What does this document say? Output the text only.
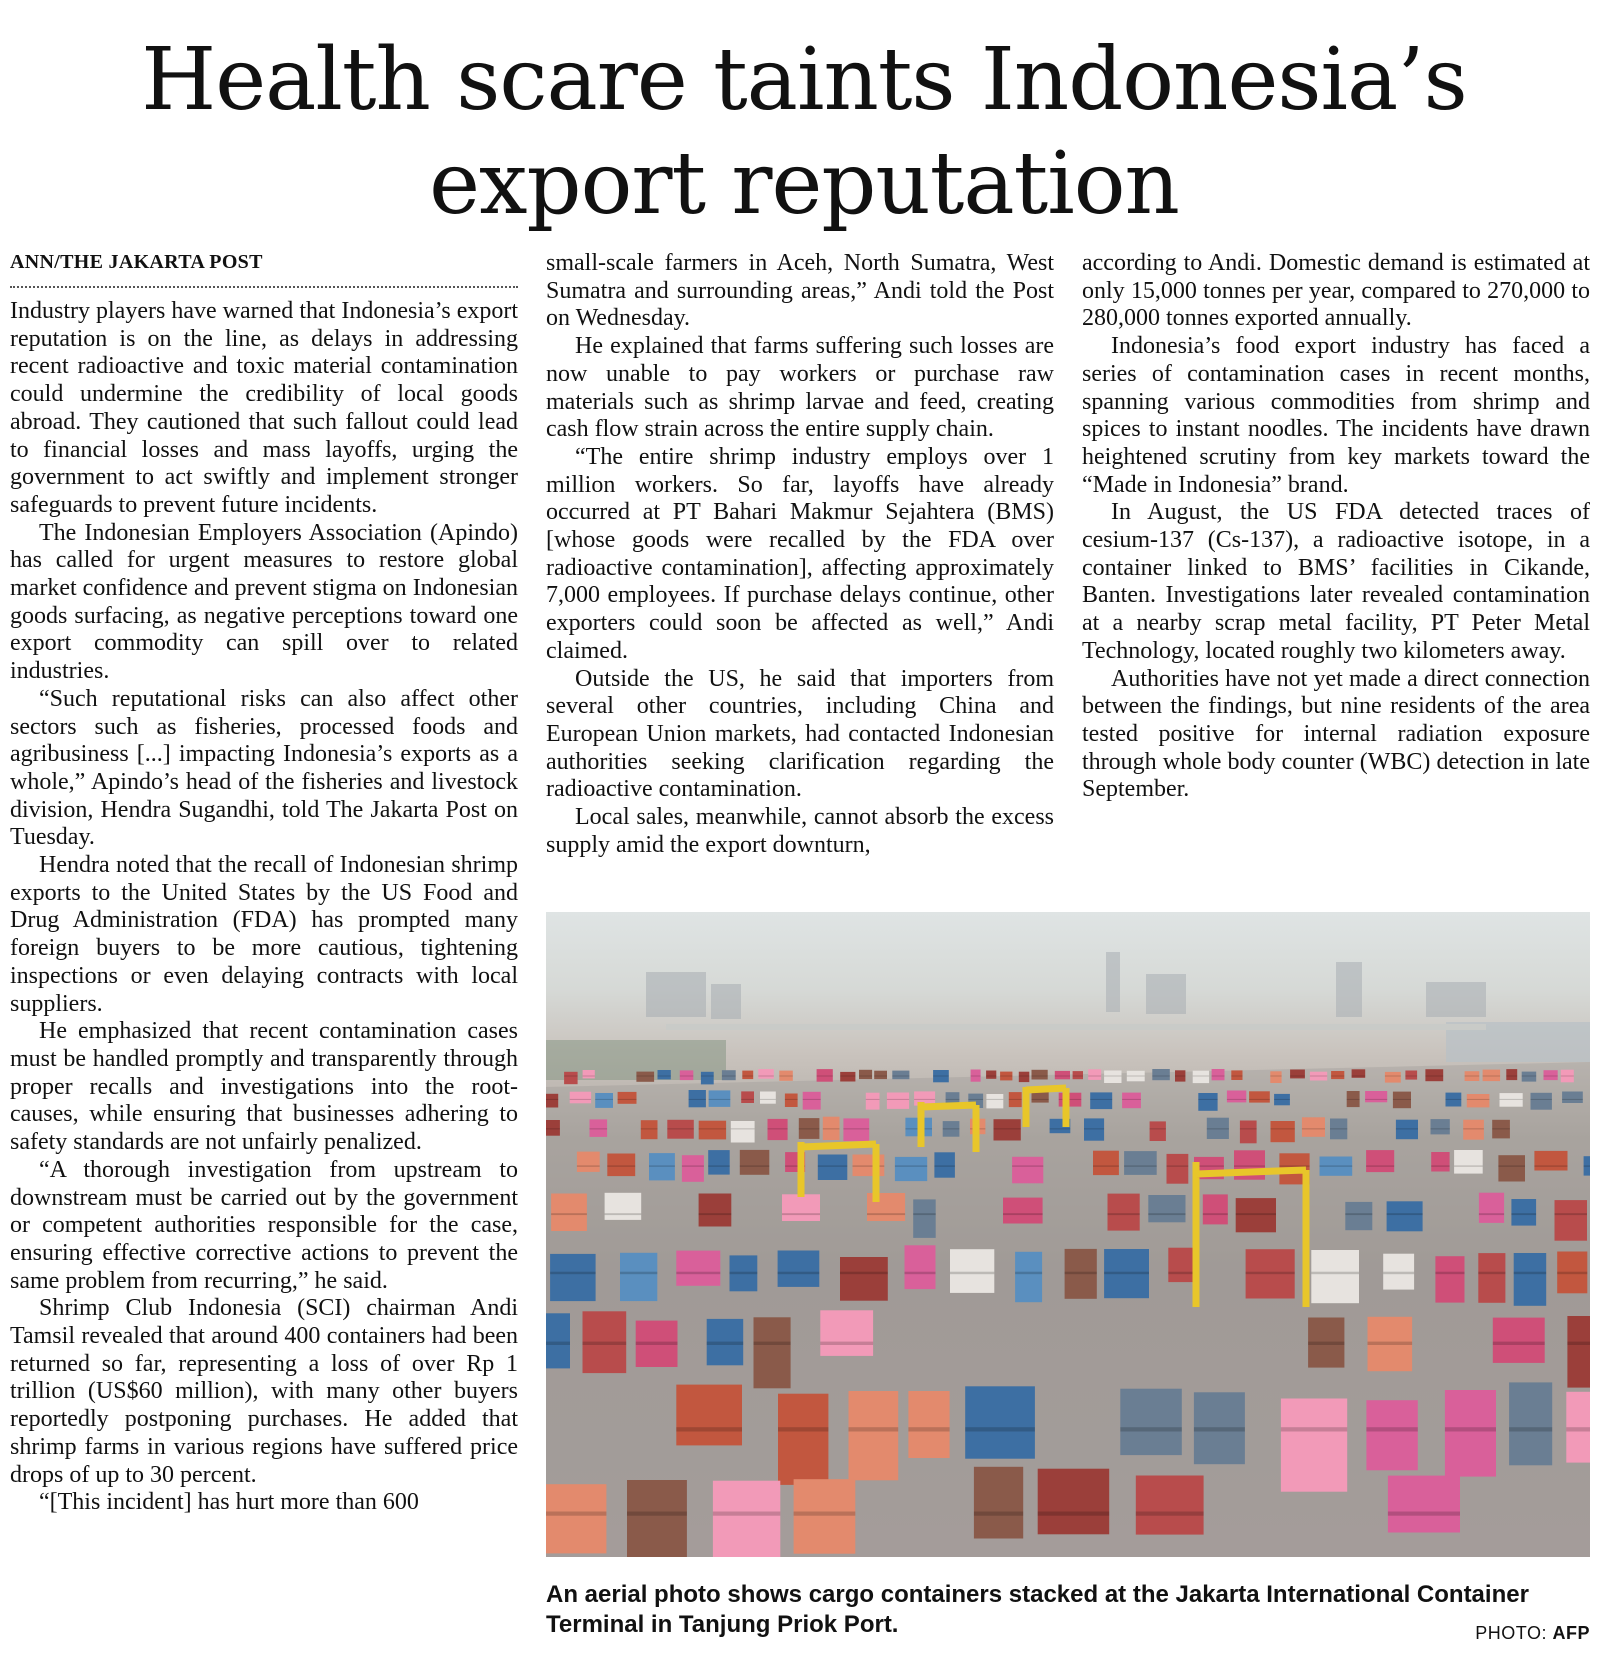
Health scare taints Indonesia’s
export reputation
ANN/THE JAKARTA POST

Industry players have warned that Indonesia’s export reputation is on the line, as delays in addressing recent radioactive and toxic material contamination could undermine the credibility of local goods abroad. They cautioned that such fallout could lead to financial losses and mass layoffs, urging the government to act swiftly and implement stronger safeguards to prevent future incidents.

The Indonesian Employers Association (Apindo) has called for urgent measures to restore global market confidence and prevent stigma on Indonesian goods surfacing, as negative perceptions toward one export commodity can spill over to related industries.

“Such reputational risks can also affect other sectors such as fisheries, processed foods and agribusiness [...] impacting Indonesia’s exports as a whole,” Apindo’s head of the fisheries and livestock division, Hendra Sugandhi, told The Jakarta Post on Tuesday.

Hendra noted that the recall of Indonesian shrimp exports to the United States by the US Food and Drug Administration (FDA) has prompted many foreign buyers to be more cautious, tightening inspections or even delaying contracts with local suppliers.

He emphasized that recent contamination cases must be handled promptly and transparently through proper recalls and investigations into the root-causes, while ensuring that businesses adhering to safety standards are not unfairly penalized.

“A thorough investigation from upstream to downstream must be carried out by the government or competent authorities responsible for the case, ensuring effective corrective actions to prevent the same problem from recurring,” he said.

Shrimp Club Indonesia (SCI) chairman Andi Tamsil revealed that around 400 containers had been returned so far, representing a loss of over Rp 1 trillion (US$60 million), with many other buyers reportedly postponing purchases. He added that shrimp farms in various regions have suffered price drops of up to 30 percent.

“[This incident] has hurt more than 600

small-scale farmers in Aceh, North Sumatra, West Sumatra and surrounding areas,” Andi told the Post on Wednesday.

He explained that farms suffering such losses are now unable to pay workers or purchase raw materials such as shrimp larvae and feed, creating cash flow strain across the entire supply chain.

“The entire shrimp industry employs over 1 million workers. So far, layoffs have already occurred at PT Bahari Makmur Sejahtera (BMS) [whose goods were recalled by the FDA over radioactive contamination], affecting approximately 7,000 employees. If purchase delays continue, other exporters could soon be affected as well,” Andi claimed.

Outside the US, he said that importers from several other countries, including China and European Union markets, had contacted Indonesian authorities seeking clarification regarding the radioactive contamination.

Local sales, meanwhile, cannot absorb the excess supply amid the export downturn,

according to Andi. Domestic demand is estimated at only 15,000 tonnes per year, compared to 270,000 to 280,000 tonnes exported annually.

Indonesia’s food export industry has faced a series of contamination cases in recent months, spanning various commodities from shrimp and spices to instant noodles. The incidents have drawn heightened scrutiny from key markets toward the “Made in Indonesia” brand.

In August, the US FDA detected traces of cesium-137 (Cs-137), a radioactive isotope, in a container linked to BMS’ facilities in Cikande, Banten. Investigations later revealed contamination at a nearby scrap metal facility, PT Peter Metal Technology, located roughly two kilometers away.

Authorities have not yet made a direct connection between the findings, but nine residents of the area tested positive for internal radiation exposure through whole body counter (WBC) detection in late September.

An aerial photo shows cargo containers stacked at the Jakarta International Container Terminal in Tanjung Priok Port.	PHOTO: AFP
